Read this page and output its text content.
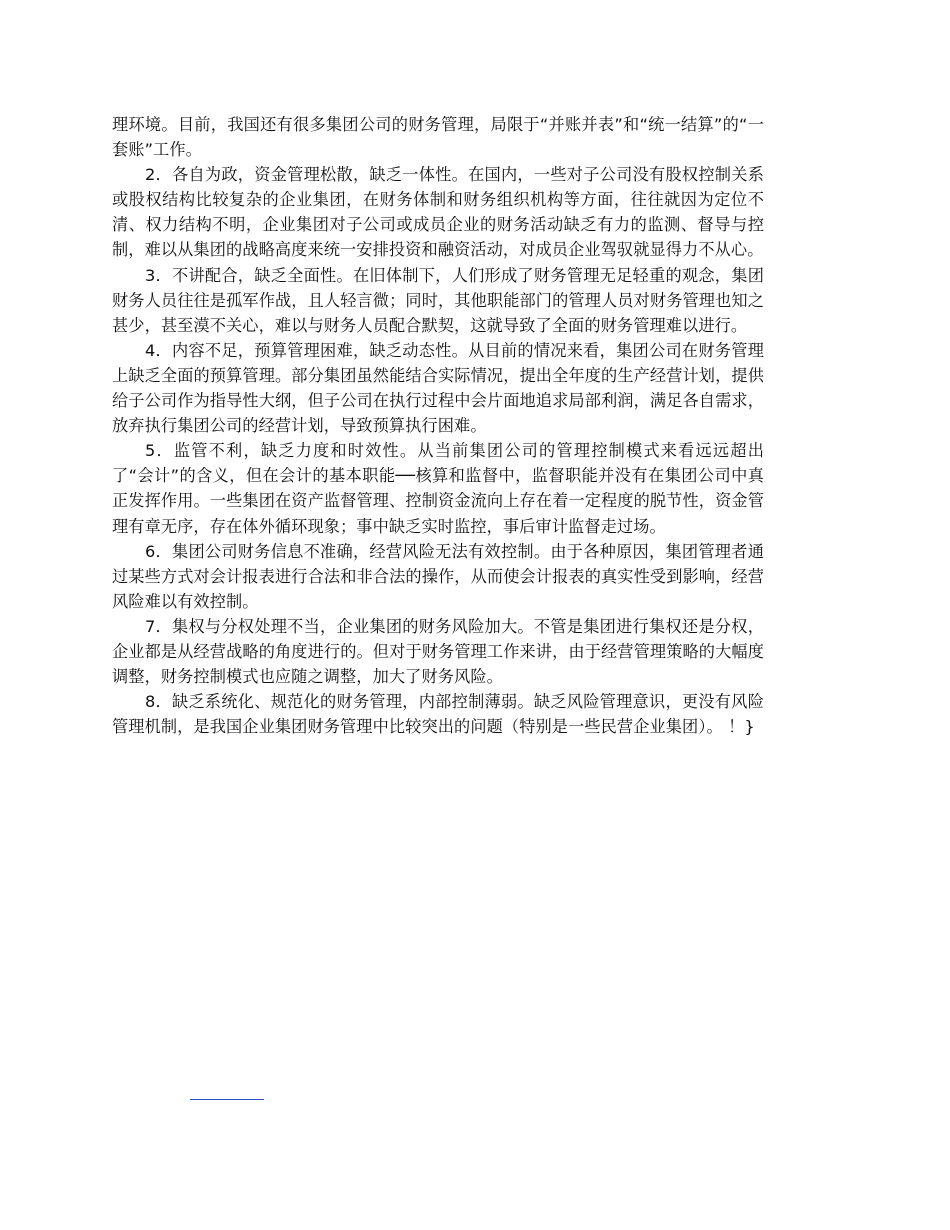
理环境。目前，我国还有很多集团公司的财务管理，局限于“并账并表”和“统一结算”的“一套账”工作。

2．各自为政，资金管理松散，缺乏一体性。在国内，一些对子公司没有股权控制关系或股权结构比较复杂的企业集团，在财务体制和财务组织机构等方面，往往就因为定位不清、权力结构不明，企业集团对子公司或成员企业的财务活动缺乏有力的监测、督导与控制，难以从集团的战略高度来统一安排投资和融资活动，对成员企业驾驭就显得力不从心。

3．不讲配合，缺乏全面性。在旧体制下，人们形成了财务管理无足轻重的观念，集团财务人员往往是孤军作战，且人轻言微；同时，其他职能部门的管理人员对财务管理也知之甚少，甚至漠不关心，难以与财务人员配合默契，这就导致了全面的财务管理难以进行。

4．内容不足，预算管理困难，缺乏动态性。从目前的情况来看，集团公司在财务管理上缺乏全面的预算管理。部分集团虽然能结合实际情况，提出全年度的生产经营计划，提供给子公司作为指导性大纲，但子公司在执行过程中会片面地追求局部利润，满足各自需求，放弃执行集团公司的经营计划，导致预算执行困难。

5．监管不利，缺乏力度和时效性。从当前集团公司的管理控制模式来看远远超出了“会计”的含义，但在会计的基本职能──核算和监督中，监督职能并没有在集团公司中真正发挥作用。一些集团在资产监督管理、控制资金流向上存在着一定程度的脱节性，资金管理有章无序，存在体外循环现象；事中缺乏实时监控，事后审计监督走过场。

6．集团公司财务信息不准确，经营风险无法有效控制。由于各种原因，集团管理者通过某些方式对会计报表进行合法和非合法的操作，从而使会计报表的真实性受到影响，经营风险难以有效控制。

7．集权与分权处理不当，企业集团的财务风险加大。不管是集团进行集权还是分权，企业都是从经营战略的角度进行的。但对于财务管理工作来讲，由于经营管理策略的大幅度调整，财务控制模式也应随之调整，加大了财务风险。

8．缺乏系统化、规范化的财务管理，内部控制薄弱。缺乏风险管理意识，更没有风险管理机制，是我国企业集团财务管理中比较突出的问题（特别是一些民营企业集团）。 ！}
